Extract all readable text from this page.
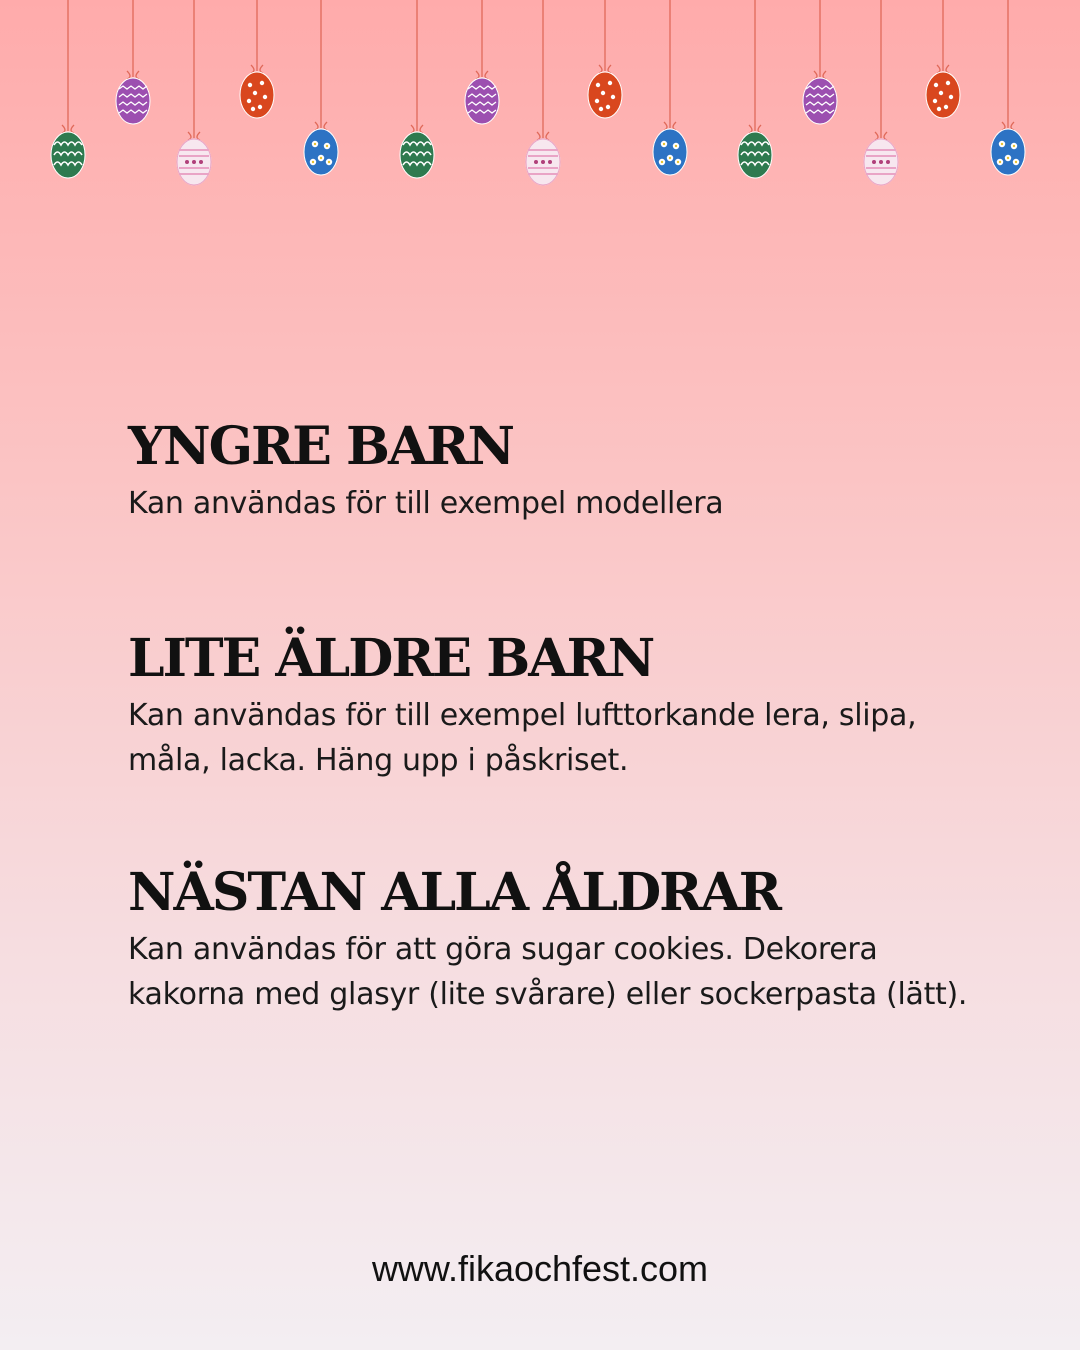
YNGRE BARN

Kan användas för till exempel modellera

LITE ÄLDRE BARN

Kan användas för till exempel lufttorkande lera, slipa, måla, lacka. Häng upp i påskriset.

NÄSTAN ALLA ÅLDRAR

Kan användas för att göra sugar cookies. Dekorera kakorna med glasyr (lite svårare) eller sockerpasta (lätt).

www.fikaochfest.com
